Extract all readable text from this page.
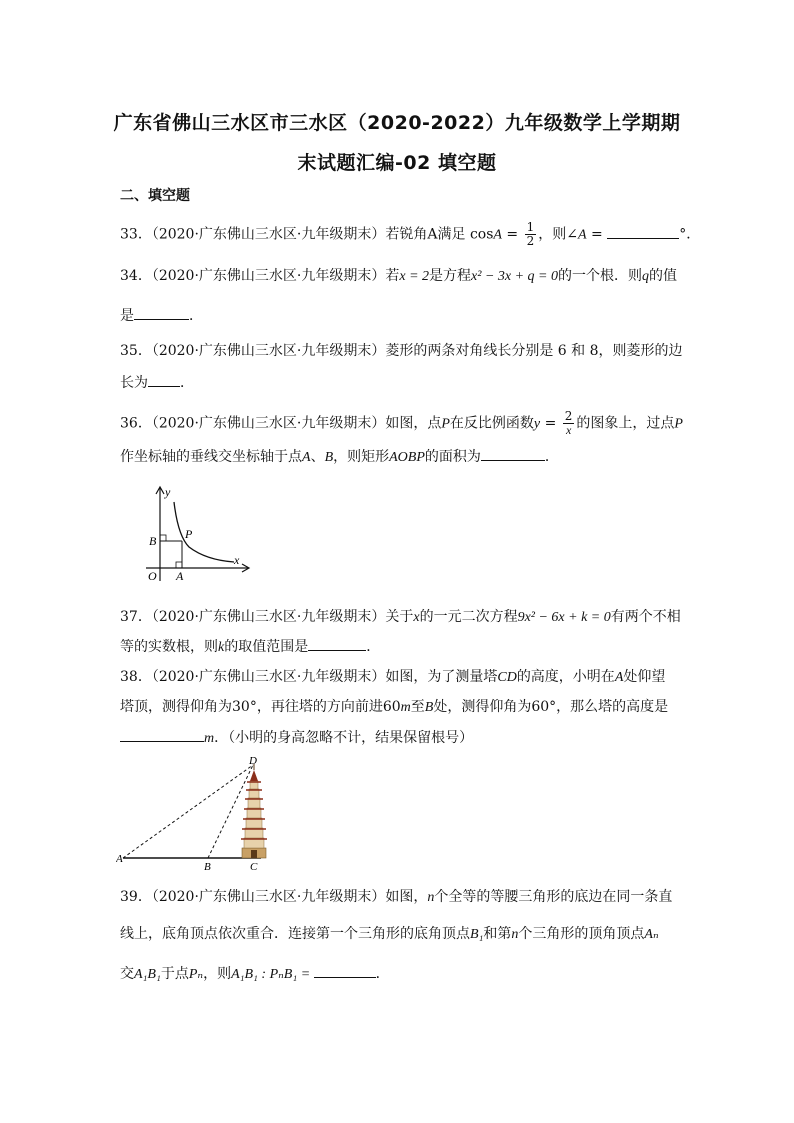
广东省佛山三水区市三水区（2020-2022）九年级数学上学期期
末试题汇编-02 填空题
二、填空题
33．（2020·广东佛山三水区·九年级期末）若锐角A满足 $\cos A = \frac{1}{2}$ ，则∠A =	°．
34．（2020·广东佛山三水区·九年级期末）若x = 2是方程x² − 3x + q = 0的一个根．则q的值
是	．
35．（2020·广东佛山三水区·九年级期末）菱形的两条对角线长分别是 6 和 8，则菱形的边
长为 ．
36．（2020·广东佛山三水区·九年级期末）如图，点P在反比例函数$y = \frac{2}{x}$ 的图象上，过点P
作坐标轴的垂线交坐标轴于点A、B，则矩形AOBP的面积为	．
y
x
O A
B P
37．（2020·广东佛山三水区·九年级期末）关于x的一元二次方程9x² − 6x + k = 0有两个不相
等的实数根，则k的取值范围是	．
38．（2020·广东佛山三水区·九年级期末）如图，为了测量塔CD的高度，小明在A处仰望
塔顶，测得仰角为30°，再往塔的方向前进60m至B处，测得仰角为60°，那么塔的高度是
m．（小明的身高忽略不计，结果保留根号）
A
B	C
D
39．（2020·广东佛山三水区·九年级期末）如图，n个全等的等腰三角形的底边在同一条直
线上，底角顶点依次重合．连接第一个三角形的底角顶点B₁和第n个三角形的顶角顶点Aₙ
交A₁B₁于点Pₙ，则A₁B₁ : PₙB₁ =	．
